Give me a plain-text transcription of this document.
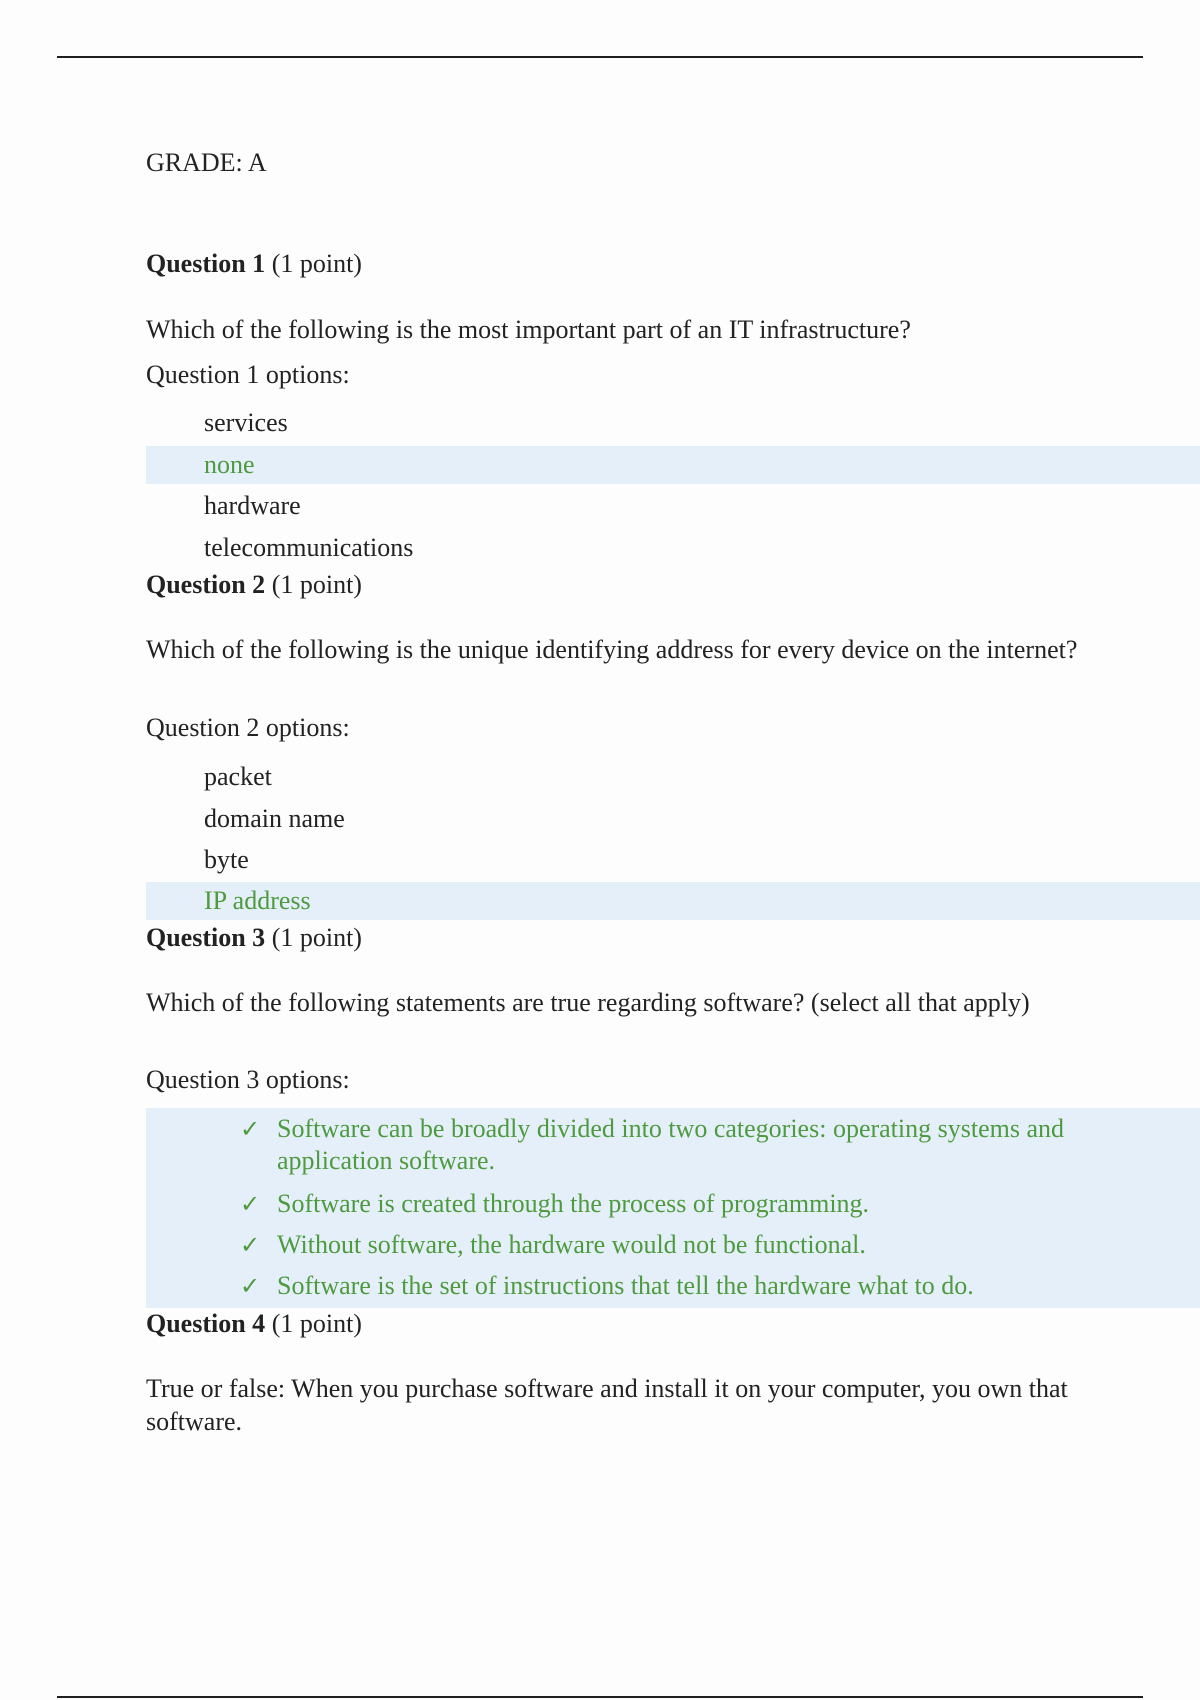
GRADE: A
Question 1 (1 point)
Which of the following is the most important part of an IT infrastructure?
Question 1 options:
services
none
hardware
telecommunications
Question 2 (1 point)
Which of the following is the unique identifying address for every device on the internet?
Question 2 options:
packet
domain name
byte
IP address
Question 3 (1 point)
Which of the following statements are true regarding software? (select all that apply)
Question 3 options:
✓ Software can be broadly divided into two categories: operating systems and application software.
✓ Software is created through the process of programming.
✓ Without software, the hardware would not be functional.
✓ Software is the set of instructions that tell the hardware what to do.
Question 4 (1 point)
True or false: When you purchase software and install it on your computer, you own that software.
